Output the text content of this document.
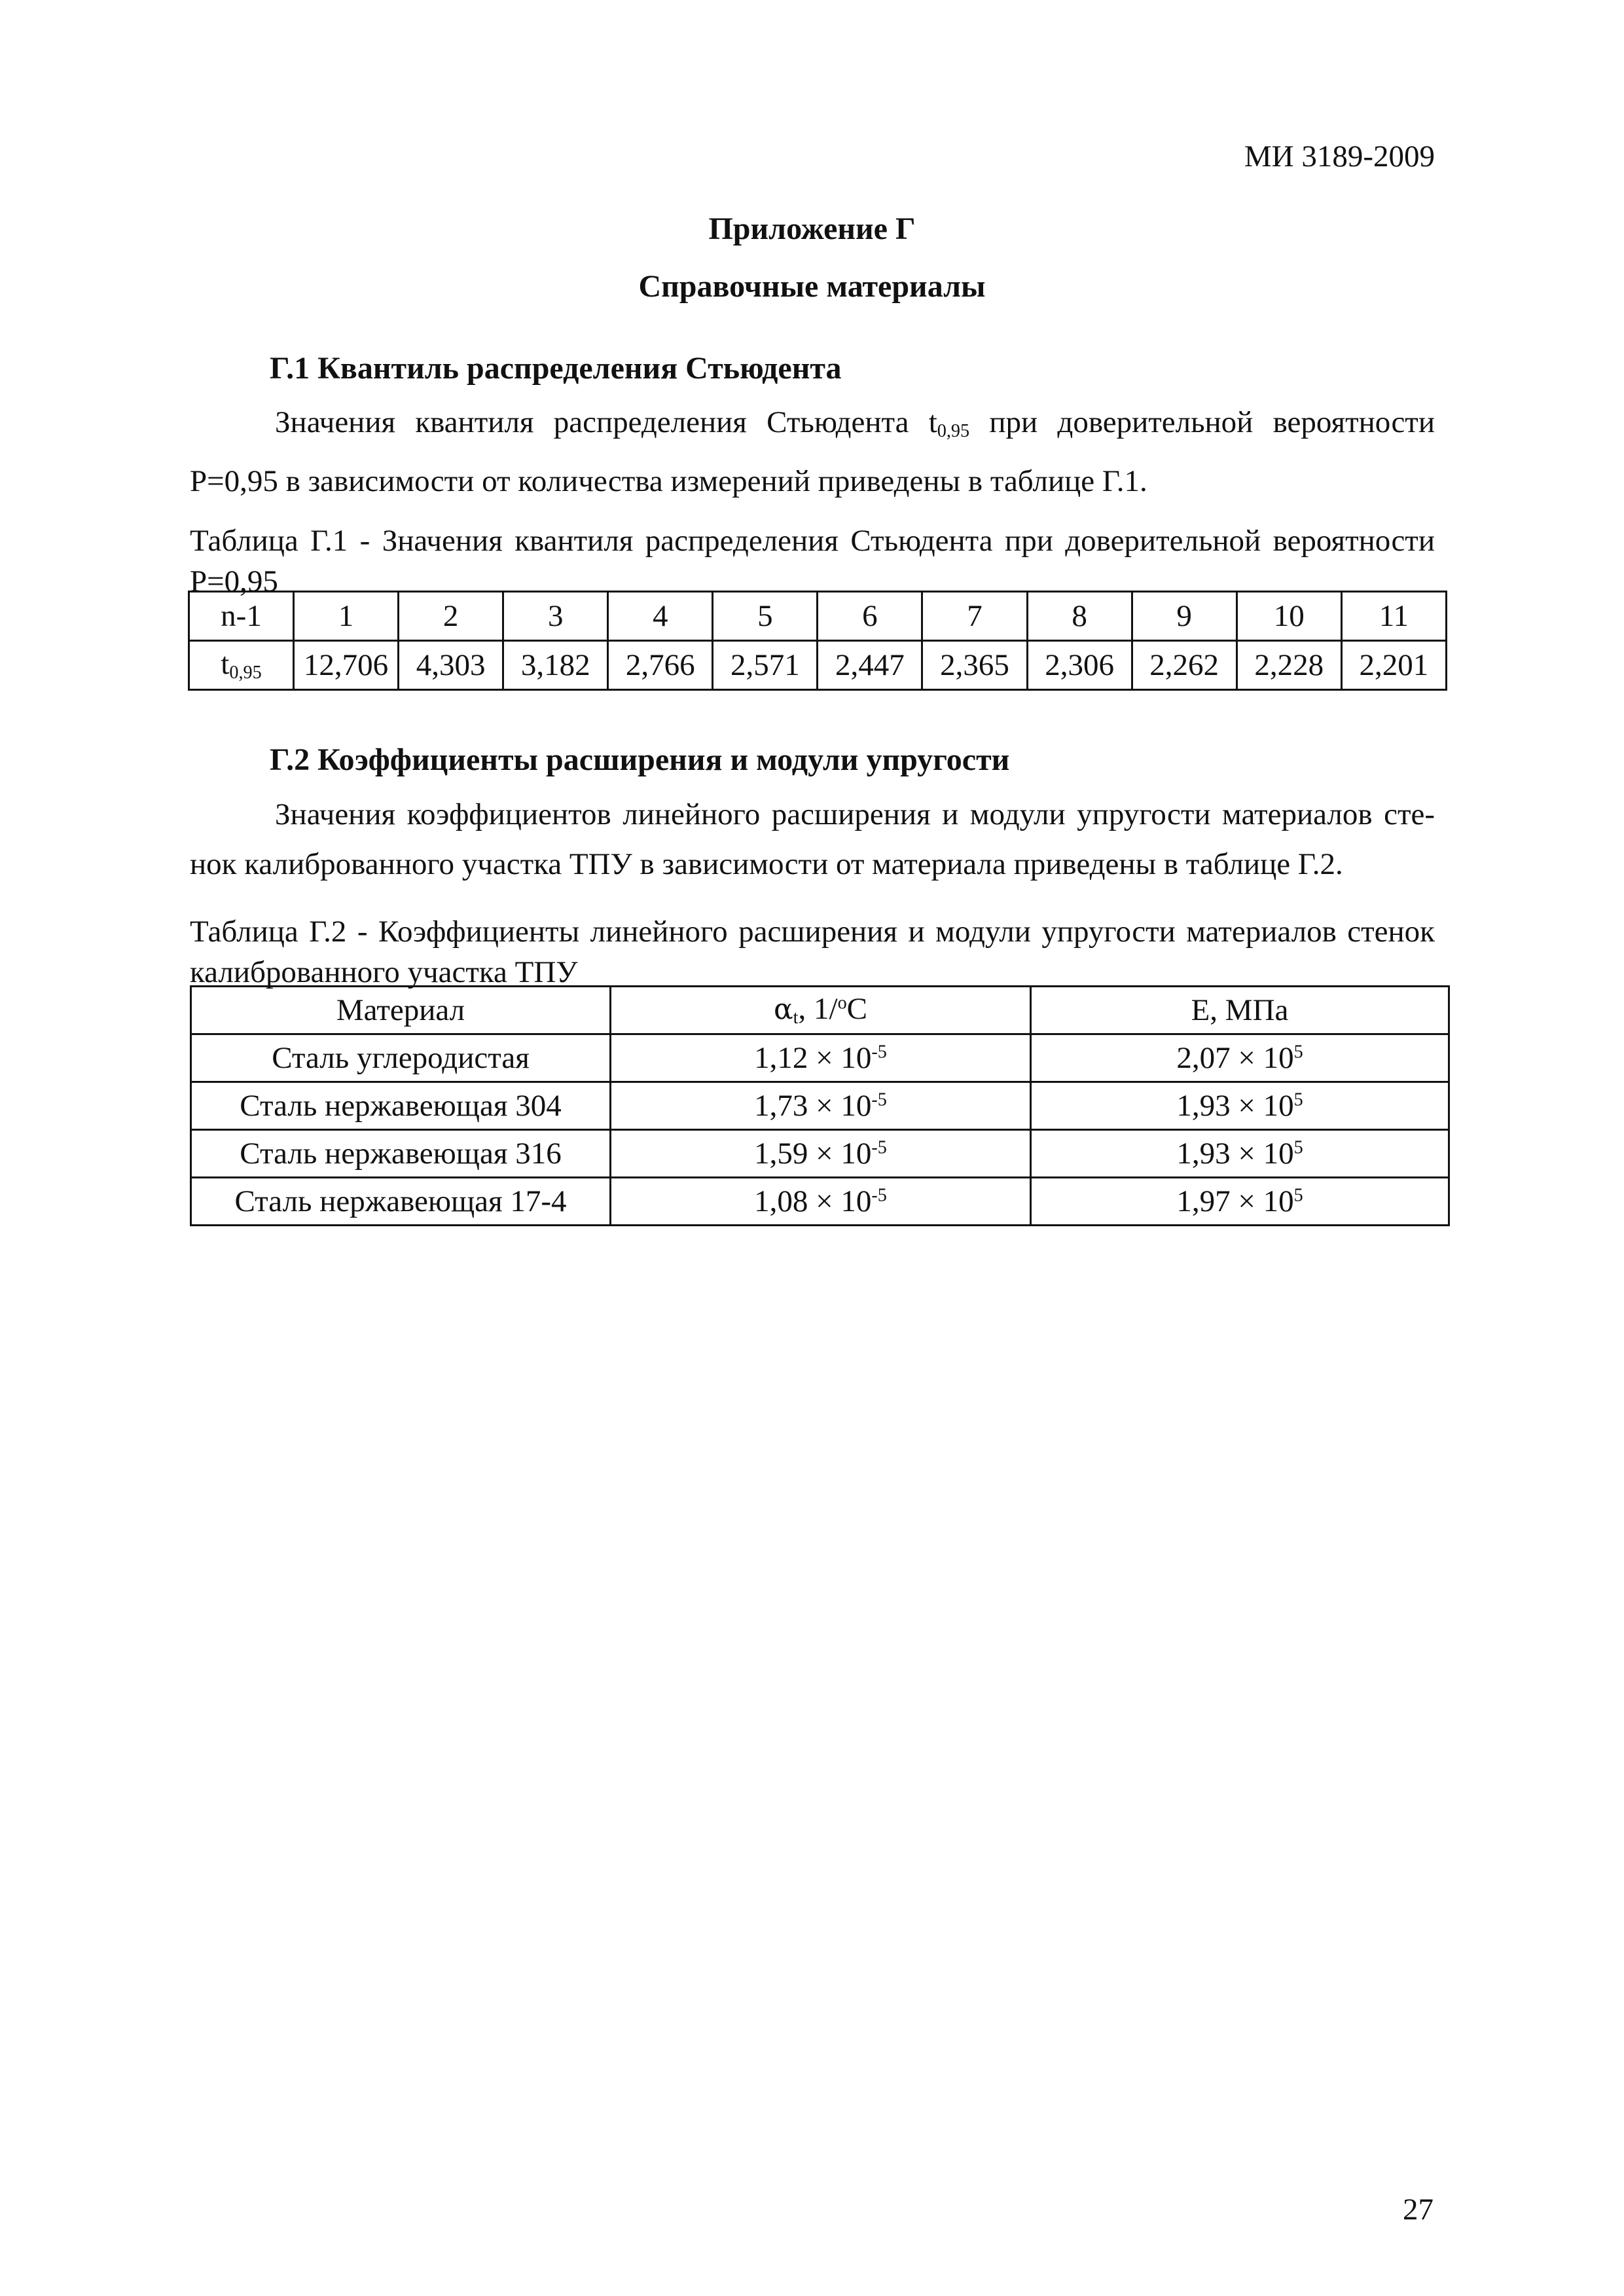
МИ 3189-2009
Приложение Г
Справочные материалы
Г.1 Квантиль распределения Стьюдента
Значения квантиля распределения Стьюдента $t_{0,95}$ при доверительной вероятности
P=0,95 в зависимости от количества измерений приведены в таблице Г.1.
Таблица Г.1 - Значения квантиля распределения Стьюдента при доверительной вероятности
P=0,95
n-1	1	2	3	4	5	6	7	8	9	10	11
$t_{0,95}$	12,706	4,303	3,182	2,766	2,571	2,447	2,365	2,306	2,262	2,228	2,201
Г.2 Коэффициенты расширения и модули упругости
Значения коэффициентов линейного расширения и модули упругости материалов сте-
нок калиброванного участка ТПУ в зависимости от материала приведены в таблице Г.2.
Таблица Г.2 - Коэффициенты линейного расширения и модули упругости материалов стенок
калиброванного участка ТПУ
Материал	$\alpha_t$, 1/$^o$C	E, МПа
Сталь углеродистая	$1,12 \times 10^{-5}$	$2,07 \times 10^5$
Сталь нержавеющая 304	$1,73 \times 10^{-5}$	$1,93 \times 10^5$
Сталь нержавеющая 316	$1,59 \times 10^{-5}$	$1,93 \times 10^5$
Сталь нержавеющая 17-4	$1,08 \times 10^{-5}$	$1,97 \times 10^5$
27
